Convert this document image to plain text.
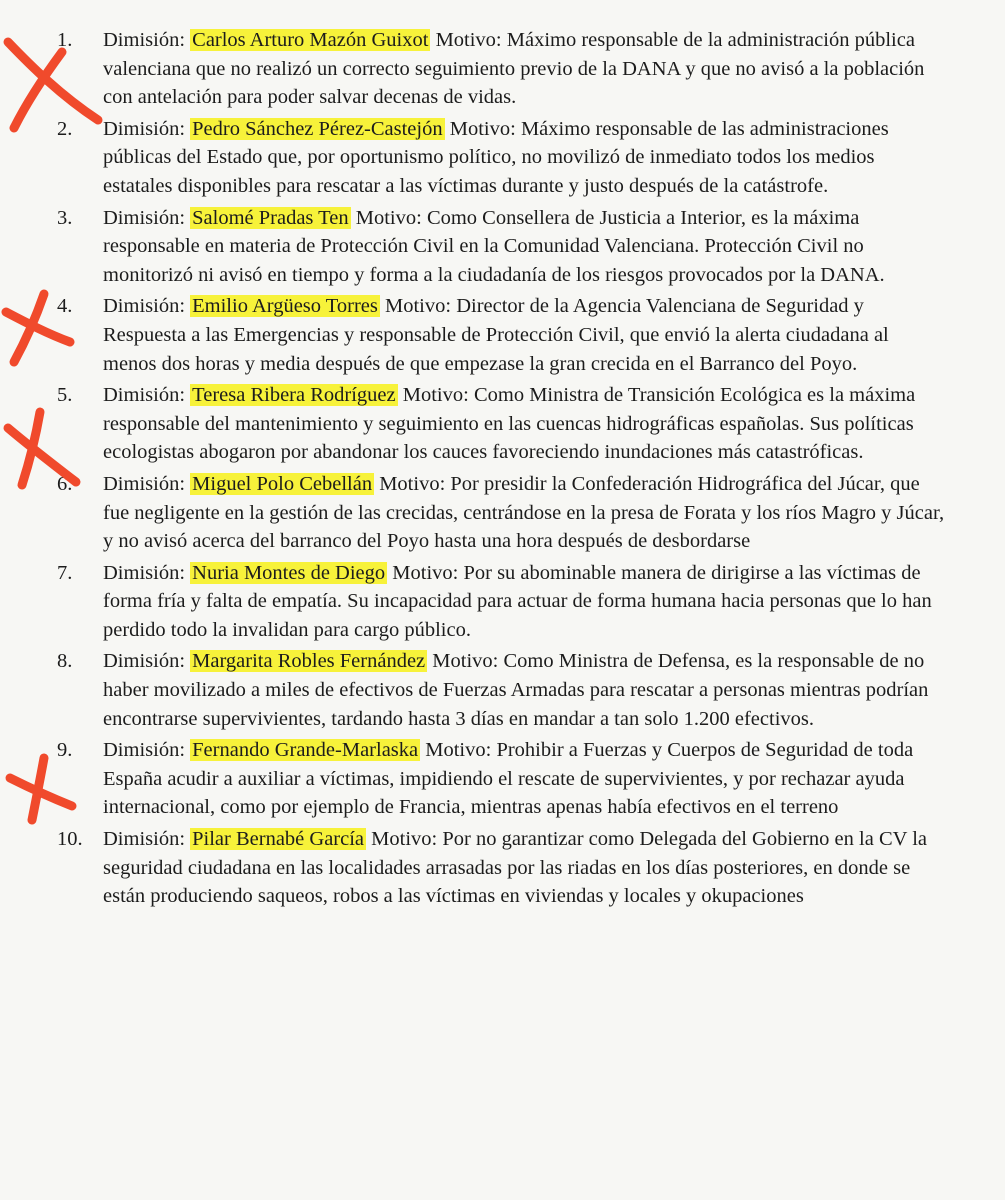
1.	Dimisión: Carlos Arturo Mazón Guixot Motivo: Máximo responsable de la administración pública valenciana que no realizó un correcto seguimiento previo de la DANA y que no avisó a la población con antelación para poder salvar decenas de vidas.
2.	Dimisión: Pedro Sánchez Pérez-Castejón Motivo: Máximo responsable de las administraciones públicas del Estado que, por oportunismo político, no movilizó de inmediato todos los medios estatales disponibles para rescatar a las víctimas durante y justo después de la catástrofe.
3.	Dimisión: Salomé Pradas Ten Motivo: Como Consellera de Justicia a Interior, es la máxima responsable en materia de Protección Civil en la Comunidad Valenciana. Protección Civil no monitorizó ni avisó en tiempo y forma a la ciudadanía de los riesgos provocados por la DANA.
4.	Dimisión: Emilio Argüeso Torres Motivo: Director de la Agencia Valenciana de Seguridad y Respuesta a las Emergencias y responsable de Protección Civil, que envió la alerta ciudadana al menos dos horas y media después de que empezase la gran crecida en el Barranco del Poyo.
5.	Dimisión: Teresa Ribera Rodríguez Motivo: Como Ministra de Transición Ecológica es la máxima responsable del mantenimiento y seguimiento en las cuencas hidrográficas españolas. Sus políticas ecologistas abogaron por abandonar los cauces favoreciendo inundaciones más catastróficas.
6.	Dimisión: Miguel Polo Cebellán Motivo: Por presidir la Confederación Hidrográfica del Júcar, que fue negligente en la gestión de las crecidas, centrándose en la presa de Forata y los ríos Magro y Júcar, y no avisó acerca del barranco del Poyo hasta una hora después de desbordarse
7.	Dimisión: Nuria Montes de Diego Motivo: Por su abominable manera de dirigirse a las víctimas de forma fría y falta de empatía. Su incapacidad para actuar de forma humana hacia personas que lo han perdido todo la invalidan para cargo público.
8.	Dimisión: Margarita Robles Fernández Motivo: Como Ministra de Defensa, es la responsable de no haber movilizado a miles de efectivos de Fuerzas Armadas para rescatar a personas mientras podrían encontrarse supervivientes, tardando hasta 3 días en mandar a tan solo 1.200 efectivos.
9.	Dimisión: Fernando Grande-Marlaska Motivo: Prohibir a Fuerzas y Cuerpos de Seguridad de toda España acudir a auxiliar a víctimas, impidiendo el rescate de supervivientes, y por rechazar ayuda internacional, como por ejemplo de Francia, mientras apenas había efectivos en el terreno
10. Dimisión: Pilar Bernabé García Motivo: Por no garantizar como Delegada del Gobierno en la CV la seguridad ciudadana en las localidades arrasadas por las riadas en los días posteriores, en donde se están produciendo saqueos, robos a las víctimas en viviendas y locales y okupaciones
